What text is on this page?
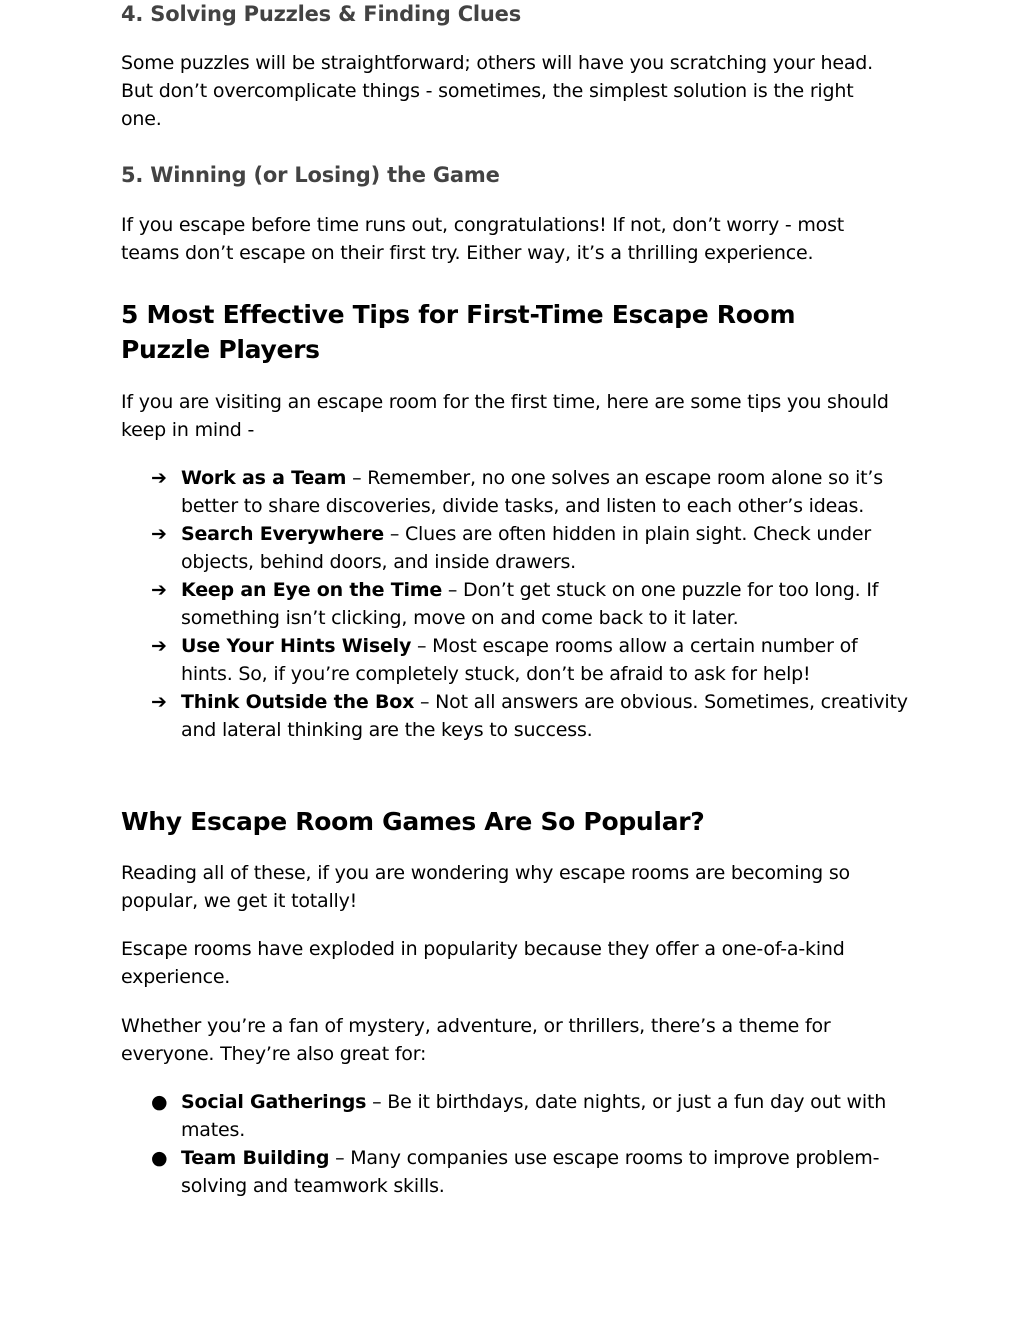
4. Solving Puzzles & Finding Clues
Some puzzles will be straightforward; others will have you scratching your head. But don’t overcomplicate things - sometimes, the simplest solution is the right one.
5. Winning (or Losing) the Game
If you escape before time runs out, congratulations! If not, don’t worry - most teams don’t escape on their first try. Either way, it’s a thrilling experience.
5 Most Effective Tips for First-Time Escape Room Puzzle Players
If you are visiting an escape room for the first time, here are some tips you should keep in mind -
➔ Work as a Team – Remember, no one solves an escape room alone so it’s better to share discoveries, divide tasks, and listen to each other’s ideas.
➔ Search Everywhere – Clues are often hidden in plain sight. Check under objects, behind doors, and inside drawers.
➔ Keep an Eye on the Time – Don’t get stuck on one puzzle for too long. If something isn’t clicking, move on and come back to it later.
➔ Use Your Hints Wisely – Most escape rooms allow a certain number of hints. So, if you’re completely stuck, don’t be afraid to ask for help!
➔ Think Outside the Box – Not all answers are obvious. Sometimes, creativity and lateral thinking are the keys to success.
Why Escape Room Games Are So Popular?
Reading all of these, if you are wondering why escape rooms are becoming so popular, we get it totally!
Escape rooms have exploded in popularity because they offer a one-of-a-kind experience.
Whether you’re a fan of mystery, adventure, or thrillers, there’s a theme for everyone. They’re also great for:
● Social Gatherings – Be it birthdays, date nights, or just a fun day out with mates.
● Team Building – Many companies use escape rooms to improve problem-solving and teamwork skills.
